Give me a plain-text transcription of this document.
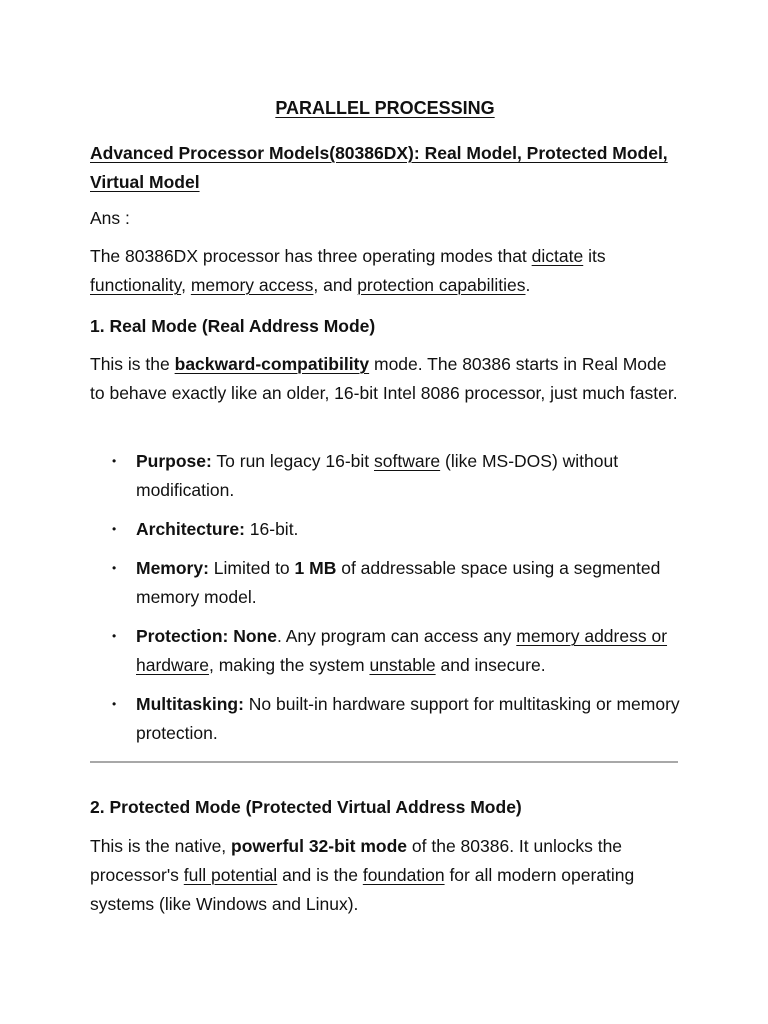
PARALLEL PROCESSING

Advanced Processor Models(80386DX): Real Model, Protected Model, Virtual Model

Ans :

The 80386DX processor has three operating modes that dictate its functionality, memory access, and protection capabilities.

1. Real Mode (Real Address Mode)

This is the backward-compatibility mode. The 80386 starts in Real Mode to behave exactly like an older, 16-bit Intel 8086 processor, just much faster.

• Purpose: To run legacy 16-bit software (like MS-DOS) without modification.
• Architecture: 16-bit.
• Memory: Limited to 1 MB of addressable space using a segmented memory model.
• Protection: None. Any program can access any memory address or hardware, making the system unstable and insecure.
• Multitasking: No built-in hardware support for multitasking or memory protection.

2. Protected Mode (Protected Virtual Address Mode)

This is the native, powerful 32-bit mode of the 80386. It unlocks the processor's full potential and is the foundation for all modern operating systems (like Windows and Linux).
